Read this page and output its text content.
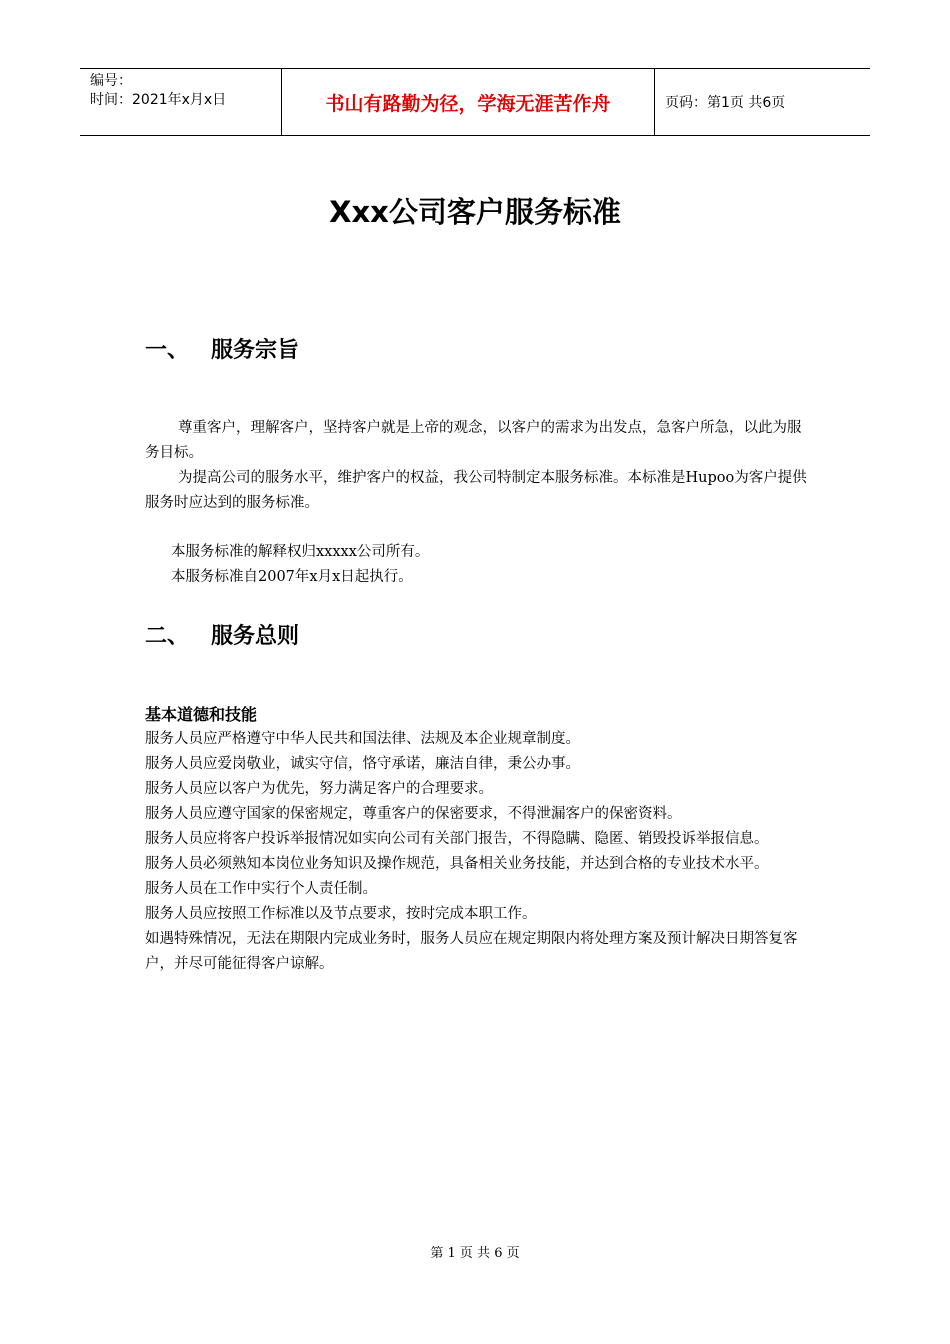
编号：
时间：2021年x月x日	书山有路勤为径，学海无涯苦作舟	页码：第1页 共6页
Xxx公司客户服务标准
一、 服务宗旨

尊重客户，理解客户，坚持客户就是上帝的观念，以客户的需求为出发点，急客户所急，以此为服务目标。

为提高公司的服务水平，维护客户的权益，我公司特制定本服务标准。本标准是Hupoo为客户提供服务时应达到的服务标准。

本服务标准的解释权归xxxxx公司所有。

本服务标准自2007年x月x日起执行。

二、 服务总则
基本道德和技能

服务人员应严格遵守中华人民共和国法律、法规及本企业规章制度。

服务人员应爱岗敬业，诚实守信，恪守承诺，廉洁自律，秉公办事。

服务人员应以客户为优先，努力满足客户的合理要求。

服务人员应遵守国家的保密规定，尊重客户的保密要求，不得泄漏客户的保密资料。

服务人员应将客户投诉举报情况如实向公司有关部门报告，不得隐瞒、隐匿、销毁投诉举报信息。

服务人员必须熟知本岗位业务知识及操作规范，具备相关业务技能，并达到合格的专业技术水平。

服务人员在工作中实行个人责任制。

服务人员应按照工作标准以及节点要求，按时完成本职工作。

如遇特殊情况，无法在期限内完成业务时，服务人员应在规定期限内将处理方案及预计解决日期答复客户，并尽可能征得客户谅解。

第 1 页 共 6 页
